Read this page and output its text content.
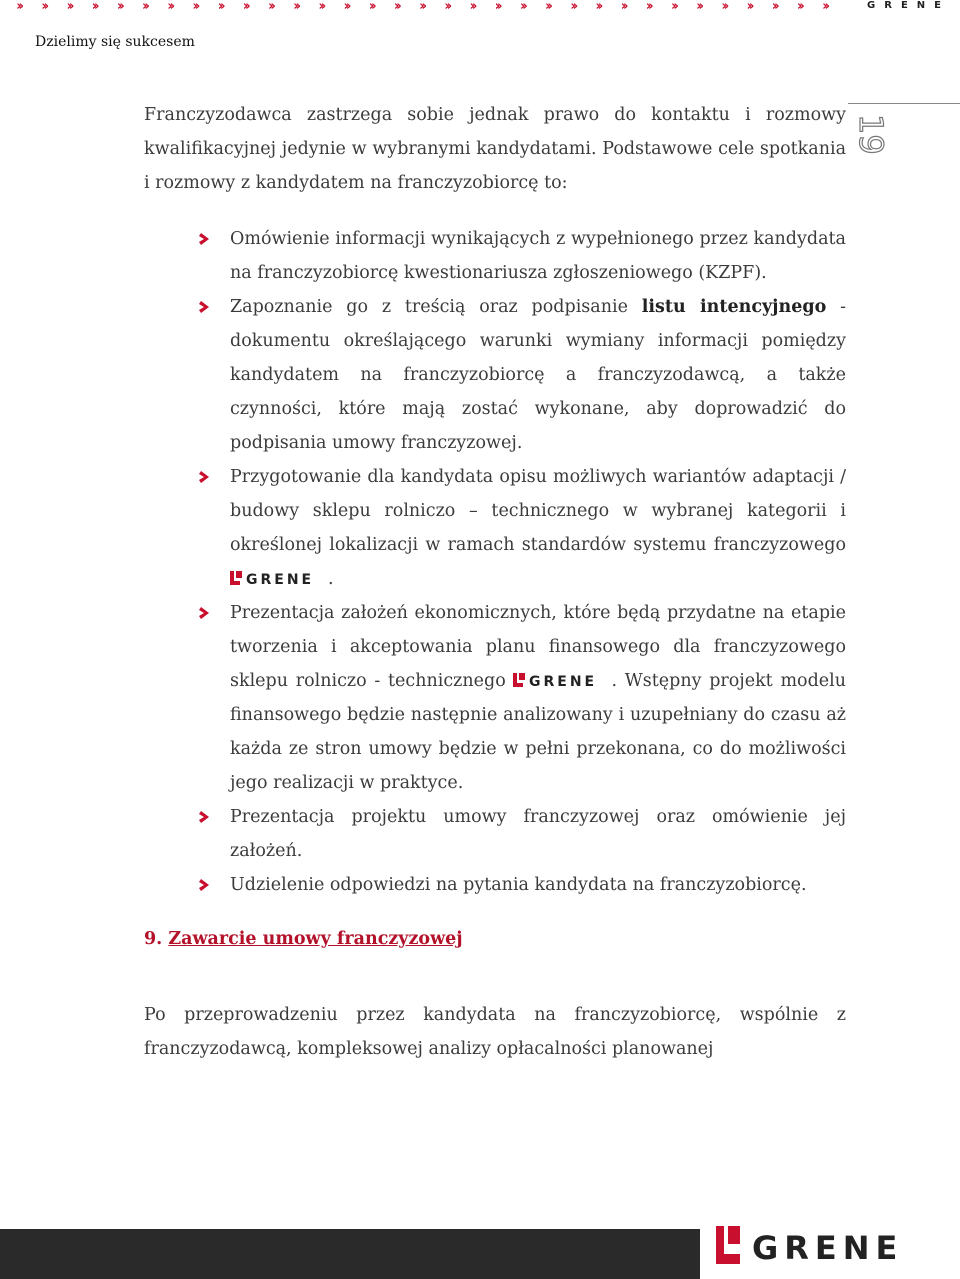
››	››	››	››	››	››	››	››	››	››	››	››	››	››	››	››	››	››	››	››	››	››	››	››	››	››	››	››	››	››	››	››	››	GRENE
Dzielimy się sukcesem
19

Franczyzodawca zastrzega sobie jednak prawo do kontaktu i rozmowy kwalifikacyjnej jedynie w wybranymi kandydatami. Podstawowe cele spotkania i rozmowy z kandydatem na franczyzobiorcę to:

Omówienie informacji wynikających z wypełnionego przez kandydata na franczyzobiorcę kwestionariusza zgłoszeniowego (KZPF).
Zapoznanie go z treścią oraz podpisanie listu intencyjnego - dokumentu określającego warunki wymiany informacji pomiędzy kandydatem na franczyzobiorcę a franczyzodawcą, a także czynności, które mają zostać wykonane, aby doprowadzić do podpisania umowy franczyzowej.
Przygotowanie dla kandydata opisu możliwych wariantów adaptacji / budowy sklepu rolniczo – technicznego w wybranej kategorii i określonej lokalizacji w ramach standardów systemu franczyzowego
GRENE .
Prezentacja założeń ekonomicznych, które będą przydatne na etapie tworzenia i akceptowania planu finansowego dla franczyzowego sklepu rolniczo - technicznego GRENE . Wstępny projekt modelu finansowego będzie następnie analizowany i uzupełniany do czasu aż każda ze stron umowy będzie w pełni przekonana, co do możliwości jego realizacji w praktyce.
Prezentacja projektu umowy franczyzowej oraz omówienie jej założeń.
Udzielenie odpowiedzi na pytania kandydata na franczyzobiorcę.
9. Zawarcie umowy franczyzowej

Po przeprowadzeniu przez kandydata na franczyzobiorcę, wspólnie z franczyzodawcą, kompleksowej analizy opłacalności planowanej

GRENE
